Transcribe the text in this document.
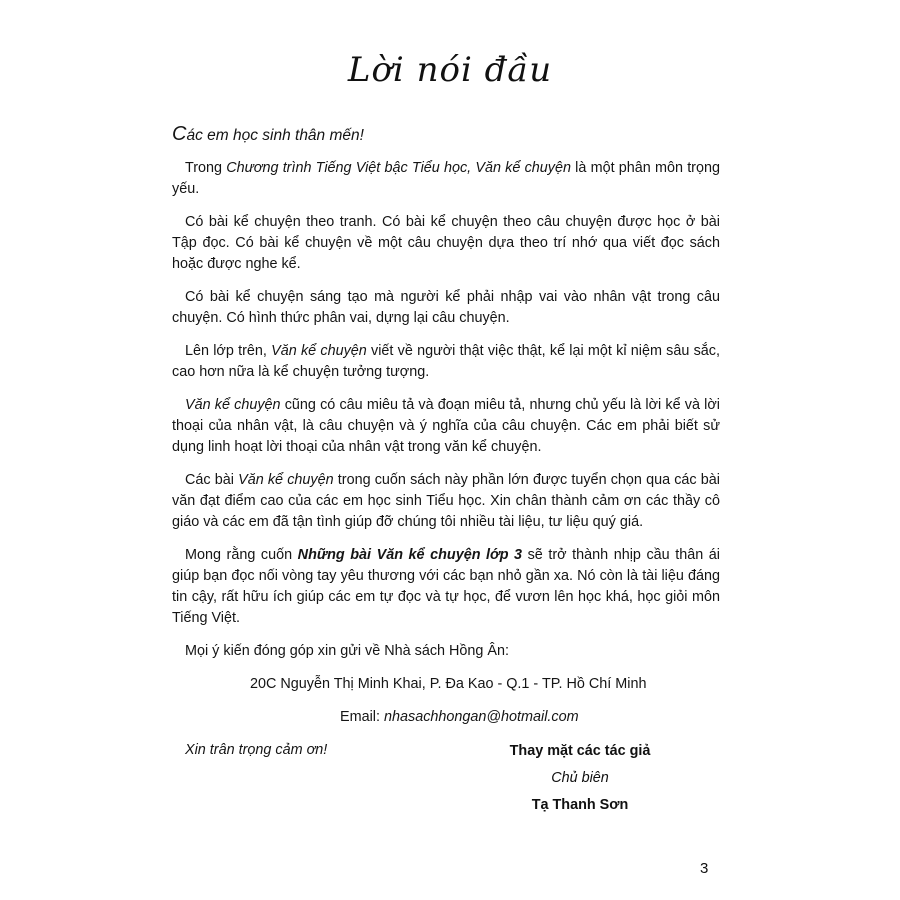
Lời nói đầu

Các em học sinh thân mến!

Trong Chương trình Tiếng Việt bậc Tiểu học, Văn kể chuyện là một phân môn trọng yếu.

Có bài kể chuyện theo tranh. Có bài kể chuyện theo câu chuyện được học ở bài Tập đọc. Có bài kể chuyện về một câu chuyện dựa theo trí nhớ qua viết đọc sách hoặc được nghe kể.

Có bài kể chuyện sáng tạo mà người kể phải nhập vai vào nhân vật trong câu chuyện. Có hình thức phân vai, dựng lại câu chuyện.

Lên lớp trên, Văn kể chuyện viết về người thật việc thật, kể lại một kỉ niệm sâu sắc, cao hơn nữa là kể chuyện tưởng tượng.

Văn kể chuyện cũng có câu miêu tả và đoạn miêu tả, nhưng chủ yếu là lời kể và lời thoại của nhân vật, là câu chuyện và ý nghĩa của câu chuyện. Các em phải biết sử dụng linh hoạt lời thoại của nhân vật trong văn kể chuyện.

Các bài Văn kể chuyện trong cuốn sách này phần lớn được tuyển chọn qua các bài văn đạt điểm cao của các em học sinh Tiểu học. Xin chân thành cảm ơn các thầy cô giáo và các em đã tận tình giúp đỡ chúng tôi nhiều tài liệu, tư liệu quý giá.

Mong rằng cuốn Những bài Văn kể chuyện lớp 3 sẽ trở thành nhịp cầu thân ái giúp bạn đọc nối vòng tay yêu thương với các bạn nhỏ gần xa. Nó còn là tài liệu đáng tin cậy, rất hữu ích giúp các em tự đọc và tự học, để vươn lên học khá, học giỏi môn Tiếng Việt.

Mọi ý kiến đóng góp xin gửi về Nhà sách Hồng Ân:

20C Nguyễn Thị Minh Khai, P. Đa Kao - Q.1 - TP. Hồ Chí Minh

Email: nhasachhongan@hotmail.com

Xin trân trọng cảm ơn!	Thay mặt các tác giả
Chủ biên
Tạ Thanh Sơn
3
